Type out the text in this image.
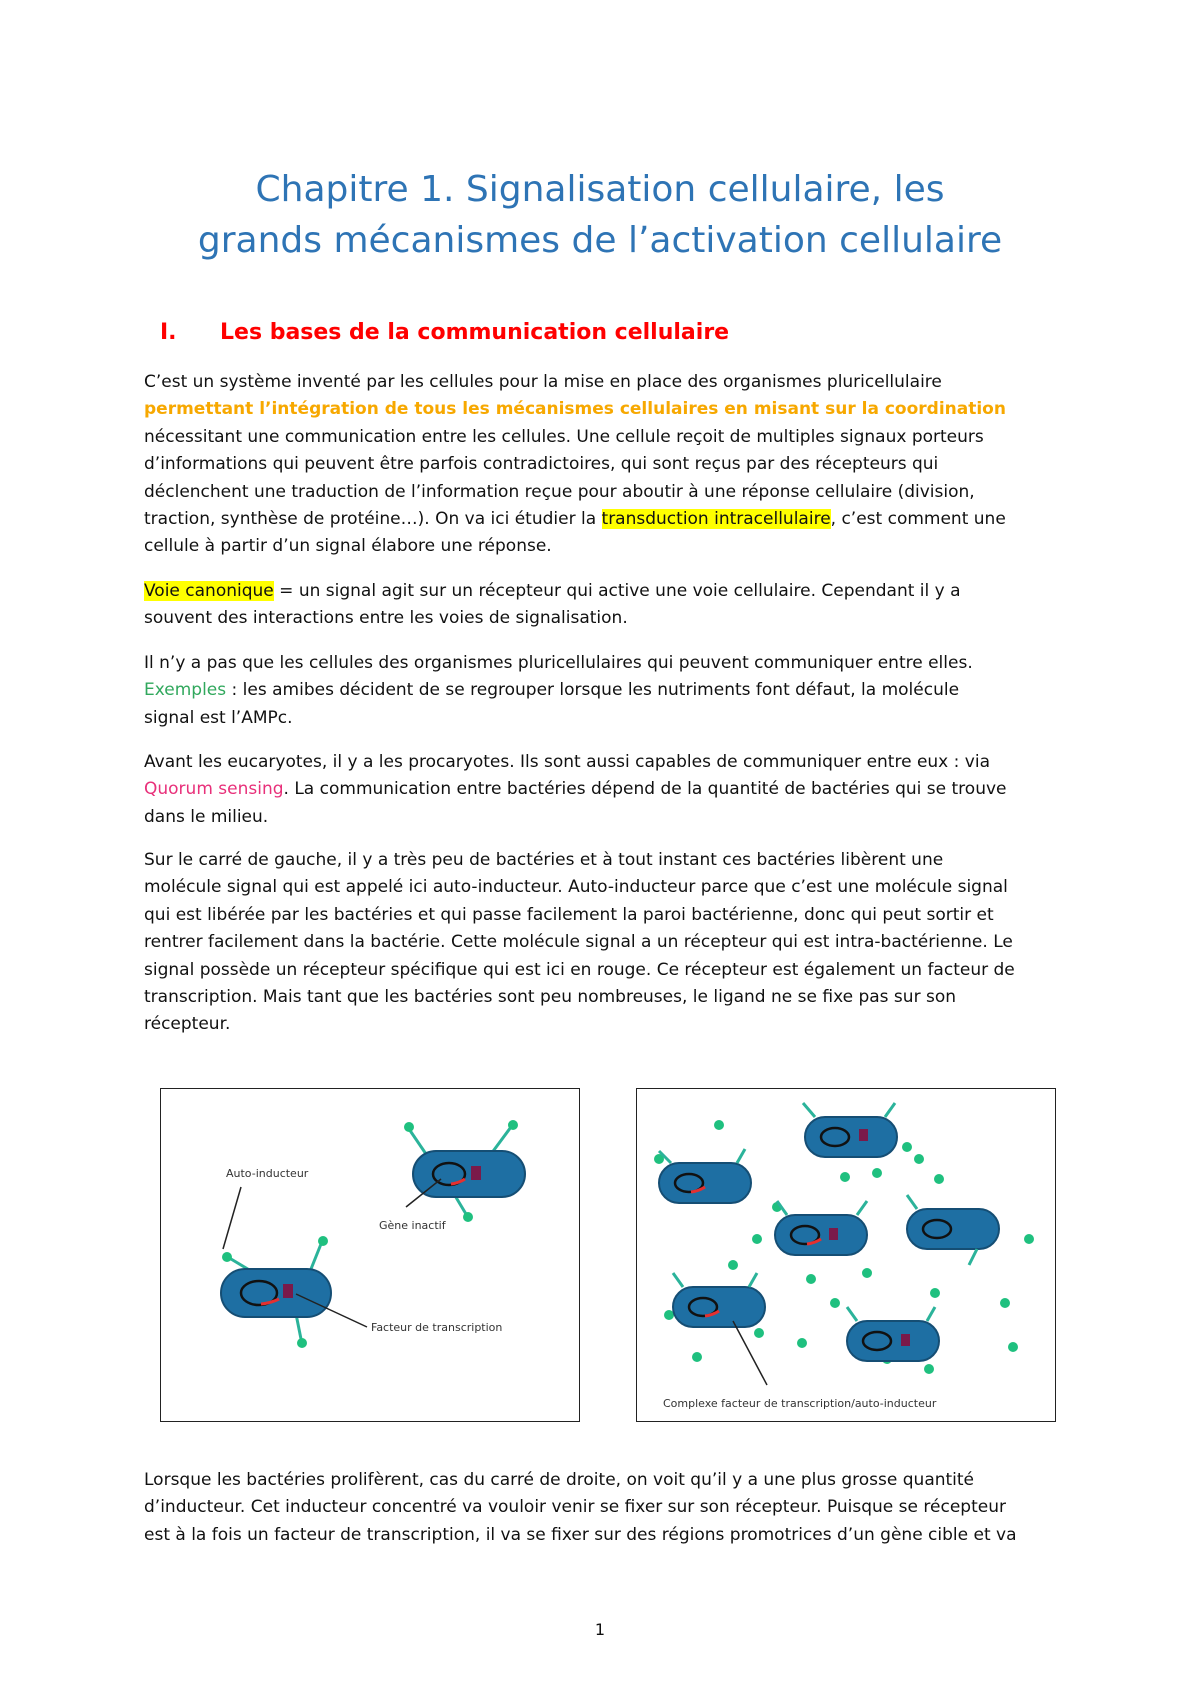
Chapitre 1. Signalisation cellulaire, les
grands mécanismes de l’activation cellulaire
I. Les bases de la communication cellulaire

C’est un système inventé par les cellules pour la mise en place des organismes pluricellulaire
permettant l’intégration de tous les mécanismes cellulaires en misant sur la coordination
nécessitant une communication entre les cellules. Une cellule reçoit de multiples signaux porteurs
d’informations qui peuvent être parfois contradictoires, qui sont reçus par des récepteurs qui
déclenchent une traduction de l’information reçue pour aboutir à une réponse cellulaire (division,
traction, synthèse de protéine…). On va ici étudier la transduction intracellulaire, c’est comment une
cellule à partir d’un signal élabore une réponse.

Voie canonique = un signal agit sur un récepteur qui active une voie cellulaire. Cependant il y a
souvent des interactions entre les voies de signalisation.

Il n’y a pas que les cellules des organismes pluricellulaires qui peuvent communiquer entre elles.
Exemples : les amibes décident de se regrouper lorsque les nutriments font défaut, la molécule
signal est l’AMPc.

Avant les eucaryotes, il y a les procaryotes. Ils sont aussi capables de communiquer entre eux : via
Quorum sensing. La communication entre bactéries dépend de la quantité de bactéries qui se trouve
dans le milieu.

Sur le carré de gauche, il y a très peu de bactéries et à tout instant ces bactéries libèrent une
molécule signal qui est appelé ici auto-inducteur. Auto-inducteur parce que c’est une molécule signal
qui est libérée par les bactéries et qui passe facilement la paroi bactérienne, donc qui peut sortir et
rentrer facilement dans la bactérie. Cette molécule signal a un récepteur qui est intra-bactérienne. Le
signal possède un récepteur spécifique qui est ici en rouge. Ce récepteur est également un facteur de
transcription. Mais tant que les bactéries sont peu nombreuses, le ligand ne se fixe pas sur son
récepteur.

Auto-inducteur
Gène inactif
Facteur de transcription
Complexe facteur de transcription/auto-inducteur

Lorsque les bactéries prolifèrent, cas du carré de droite, on voit qu’il y a une plus grosse quantité
d’inducteur. Cet inducteur concentré va vouloir venir se fixer sur son récepteur. Puisque se récepteur
est à la fois un facteur de transcription, il va se fixer sur des régions promotrices d’un gène cible et va

1
